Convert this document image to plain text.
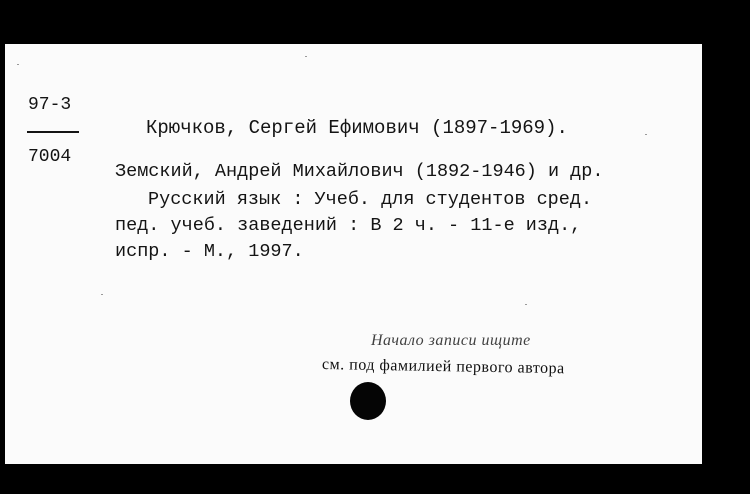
97-3
7004
Крючков, Сергей Ефимович (1897-1969).
Земский, Андрей Михайлович (1892-1946) и др.
Русский язык : Учеб. для студентов сред.
пед. учеб. заведений : В 2 ч. - 11-е изд.,
испр. - М., 1997.
Начало записи ищите
см. под фамилией первого автора
